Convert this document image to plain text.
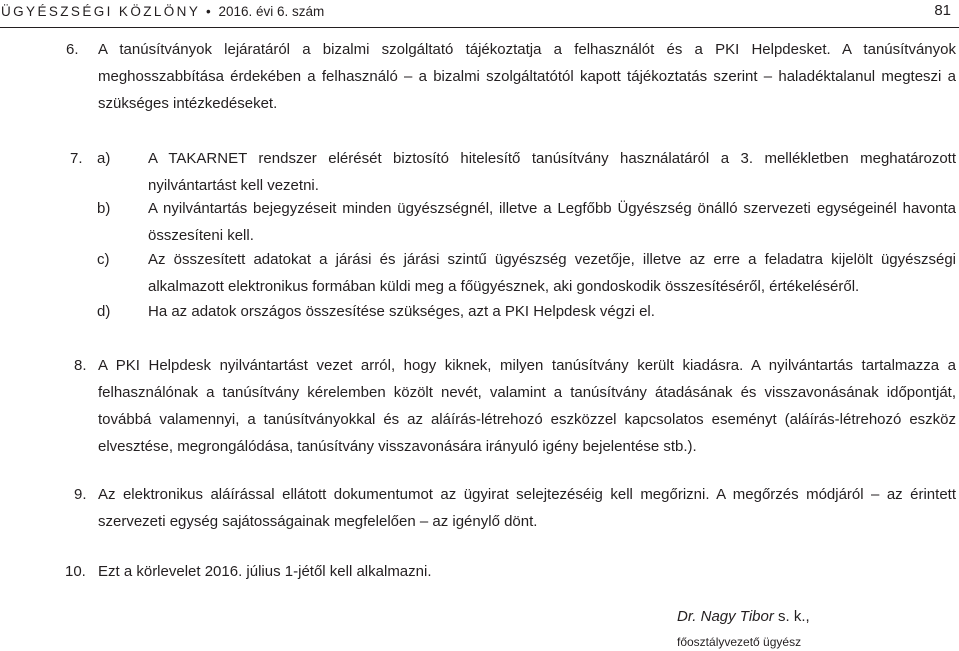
ÜGYÉSZSÉGI KÖZLÖNY • 2016. évi 6. szám	81
6. A tanúsítványok lejáratáról a bizalmi szolgáltató tájékoztatja a felhasználót és a PKI Helpdesket. A tanúsítványok meghosszabbítása érdekében a felhasználó – a bizalmi szolgáltatótól kapott tájékoztatás szerint – haladéktalanul megteszi a szükséges intézkedéseket.
7. a)	A TAKARNET rendszer elérését biztosító hitelesítő tanúsítvány használatáról a 3. mellékletben meghatározott nyilvántartást kell vezetni.
b)	A nyilvántartás bejegyzéseit minden ügyészségnél, illetve a Legfőbb Ügyészség önálló szervezeti egységeinél havonta összesíteni kell.
c)	Az összesített adatokat a járási és járási szintű ügyészség vezetője, illetve az erre a feladatra kijelölt ügyészségi alkalmazott elektronikus formában küldi meg a főügyésznek, aki gondoskodik összesítéséről, értékeléséről.
d)	Ha az adatok országos összesítése szükséges, azt a PKI Helpdesk végzi el.
8. A PKI Helpdesk nyilvántartást vezet arról, hogy kiknek, milyen tanúsítvány került kiadásra. A nyilvántartás tartalmazza a felhasználónak a tanúsítvány kérelemben közölt nevét, valamint a tanúsítvány átadásának és visszavonásának időpontját, továbbá valamennyi, a tanúsítványokkal és az aláírás-létrehozó eszközzel kapcsolatos eseményt (aláírás-létrehozó eszköz elvesztése, megrongálódása, tanúsítvány visszavonására irányuló igény bejelentése stb.).
9. Az elektronikus aláírással ellátott dokumentumot az ügyirat selejtezéséig kell megőrizni. A megőrzés módjáról – az érintett szervezeti egység sajátosságainak megfelelően – az igénylő dönt.
10. Ezt a körlevelet 2016. július 1-jétől kell alkalmazni.
Dr. Nagy Tibor s. k.,
főosztályvezető ügyész
